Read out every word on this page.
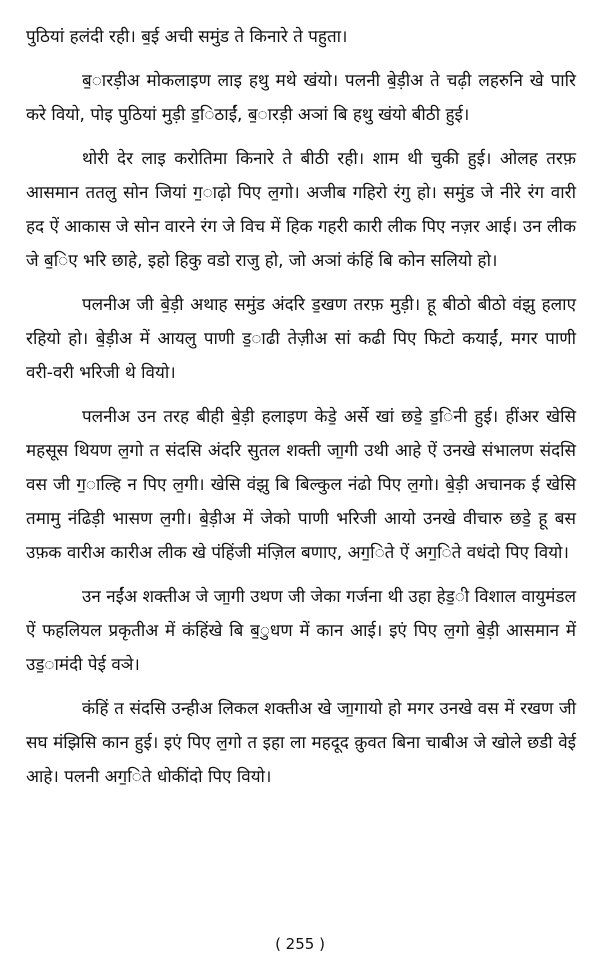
पुठियां हलंदी रही। ब॒ई अची समुंड ते किनारे ते पहुता।

ब॒ारड़ीअ मोकलाइण लाइ हथु मथे खंयो। पलनी बे॒ड़ीअ ते चढ़ी लहरुनि खे पारि करे वियो, पोइ पुठियां मुड़ी ड॒िठाईं, ब॒ारड़ी अञां बि हथु खंयो बीठी हुई।

थोरी देर लाइ करोतिमा किनारे ते बीठी रही। शाम थी चुकी हुई। ओलह तरफ़ आसमान ततलु सोन जियां ग॒ाढ़ो पिए ल॒गो। अजीब गहिरो रंगु हो। समुंड जे नीरे रंग वारी हद ऐं आकास जे सोन वारने रंग जे विच में हिक गहरी कारी लीक पिए नज़र आई। उन लीक जे ब॒िए भरि छाहे, इहो हिकु वडो राजु हो, जो अञां कंहिं बि कोन सलियो हो।

पलनीअ जी बे॒ड़ी अथाह समुंड अंदरि ड॒खण तरफ़ मुड़ी। हू बीठो बीठो वंझु हलाए रहियो हो। बे॒ड़ीअ में आयलु पाणी ड॒ाढी तेज़ीअ सां कढी पिए फिटो कयाईं, मगर पाणी वरी-वरी भरिजी थे वियो।

पलनीअ उन तरह बीही बे॒ड़ी हलाइण केडे॒ अर्से खां छडे॒ ड॒िनी हुई। हींअर खेसि महसूस थियण ल॒गो त संदसि अंदरि सुतल शक्ती जा॒गी उथी आहे ऐं उनखे संभालण संदसि वस जी ग॒ाल्हि न पिए ल॒गी। खेसि वंझु बि बिल्कुल नंढो पिए ल॒गो। बे॒ड़ी अचानक ई खेसि तमामु नंढिड़ी भासण ल॒गी। बे॒ड़ीअ में जेको पाणी भरिजी आयो उनखे वीचारु छडे॒ हू बस उफ़क वारीअ कारीअ लीक खे पंहिंजी मंज़िल बणाए, अग॒िते ऐं अग॒िते वधंदो पिए वियो।

उन नईंअ शक्तीअ जे जा॒गी उथण जी जेका गर्जना थी उहा हेड॒ी विशाल वायुमंडल ऐं फहलियल प्रकृतीअ में कंहिंखे बि ब॒ुधण में कान आई। इएं पिए ल॒गो बे॒ड़ी आसमान में उड॒ामंदी पेई वञे।

कंहिं त संदसि उन्हीअ लिकल शक्तीअ खे जा॒गायो हो मगर उनखे वस में रखण जी सघ मंझिसि कान हुई। इएं पिए ल॒गो त इहा ला महदूद क़ुवत बिना चाबीअ जे खोले छडी वेई आहे। पलनी अग॒िते धोकींदो पिए वियो।

( 255 )
